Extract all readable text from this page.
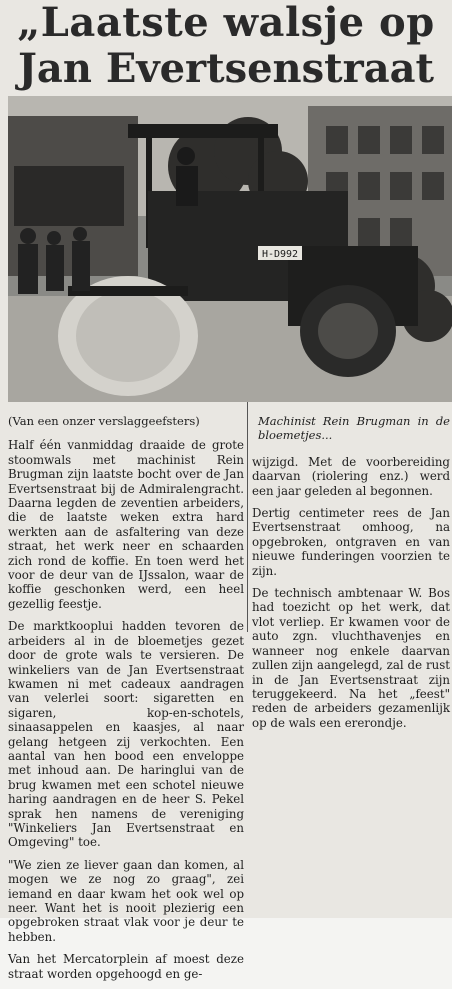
„Laatste walsje op
Jan Evertsenstraat
H-D992
(Van een onzer verslaggeefsters)

Half één vanmiddag draaide de grote stoomwals met machinist Rein Brugman zijn laatste bocht over de Jan Evertsenstraat bij de Admiralengracht. Daarna legden de zeventien arbeiders, die de laatste weken extra hard werkten aan de asfaltering van deze straat, het werk neer en schaarden zich rond de koffie. En toen werd het voor de deur van de IJssalon, waar de koffie geschonken werd, een heel gezellig feestje.

De marktkooplui hadden tevoren de arbeiders al in de bloemetjes gezet door de grote wals te versieren. De winkeliers van de Jan Evertsenstraat kwamen ni met cadeaux aandragen van velerlei soort: sigaretten en sigaren, kop-en-schotels, sinaasappelen en kaasjes, al naar gelang hetgeen zij verkochten. Een aantal van hen bood een enveloppe met inhoud aan. De haringlui van de brug kwamen met een schotel nieuwe haring aandragen en de heer S. Pekel sprak hen namens de vereniging "Winkeliers Jan Evertsenstraat en Omgeving" toe.

"We zien ze liever gaan dan komen, al mogen we ze nog zo graag", zei iemand en daar kwam het ook wel op neer. Want het is nooit plezierig een opgebroken straat vlak voor je deur te hebben.

Van het Mercatorplein af moest deze straat worden opgehoogd en ge-

Machinist Rein Brugman in de bloemetjes...

wijzigd. Met de voorbereiding daarvan (riolering enz.) werd een jaar geleden al begonnen.

Dertig centimeter rees de Jan Evertsenstraat omhoog, na opgebroken, ontgraven en van nieuwe funderingen voorzien te zijn.

De technisch ambtenaar W. Bos had toezicht op het werk, dat vlot verliep. Er kwamen voor de auto zgn. vluchthavenjes en wanneer nog enkele daarvan zullen zijn aangelegd, zal de rust in de Jan Evertsenstraat zijn teruggekeerd. Na het „feest" reden de arbeiders gezamenlijk op de wals een ererondje.
